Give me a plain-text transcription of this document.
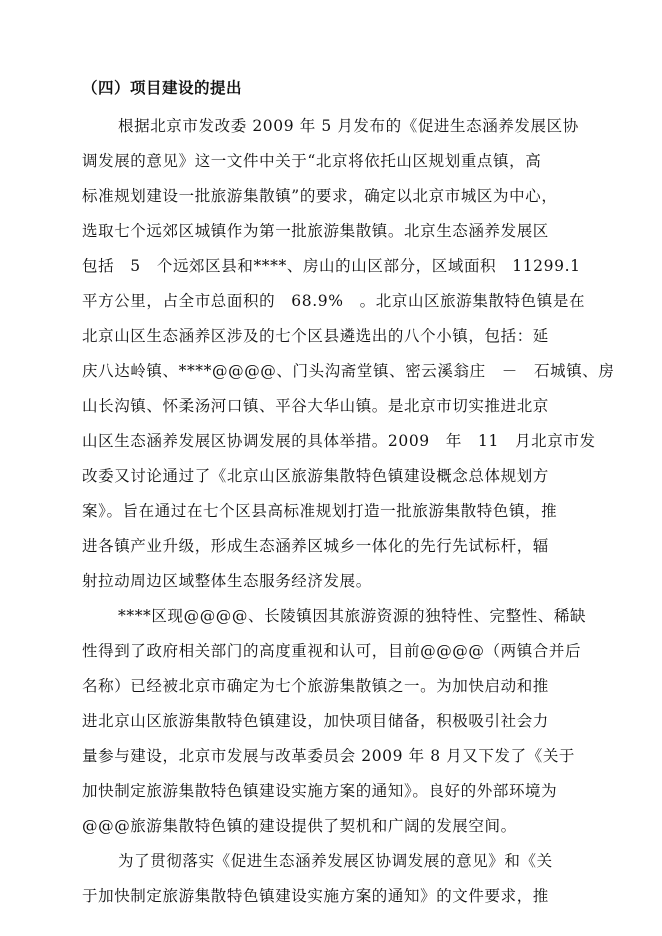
（四）项目建设的提出
根据北京市发改委 2009 年 5 月发布的《促进生态涵养发展区协
调发展的意见》这一文件中关于“北京将依托山区规划重点镇，高
标准规划建设一批旅游集散镇”的要求，确定以北京市城区为中心，
选取七个远郊区城镇作为第一批旅游集散镇。北京生态涵养发展区
包括　5　个远郊区县和****、房山的山区部分，区域面积　11299.1
平方公里，占全市总面积的　68.9%　。北京山区旅游集散特色镇是在
北京山区生态涵养区涉及的七个区县遴选出的八个小镇，包括：延
庆八达岭镇、****@@@@、门头沟斋堂镇、密云溪翁庄　－　石城镇、房
山长沟镇、怀柔汤河口镇、平谷大华山镇。是北京市切实推进北京
山区生态涵养发展区协调发展的具体举措。2009　年　11　月北京市发
改委又讨论通过了《北京山区旅游集散特色镇建设概念总体规划方
案》。旨在通过在七个区县高标准规划打造一批旅游集散特色镇，推
进各镇产业升级，形成生态涵养区城乡一体化的先行先试标杆，辐
射拉动周边区域整体生态服务经济发展。
****区现@@@@、长陵镇因其旅游资源的独特性、完整性、稀缺
性得到了政府相关部门的高度重视和认可，目前@@@@（两镇合并后
名称）已经被北京市确定为七个旅游集散镇之一。为加快启动和推
进北京山区旅游集散特色镇建设，加快项目储备，积极吸引社会力
量参与建设，北京市发展与改革委员会 2009 年 8 月又下发了《关于
加快制定旅游集散特色镇建设实施方案的通知》。良好的外部环境为
@@@旅游集散特色镇的建设提供了契机和广阔的发展空间。
为了贯彻落实《促进生态涵养发展区协调发展的意见》和《关
于加快制定旅游集散特色镇建设实施方案的通知》的文件要求，推
